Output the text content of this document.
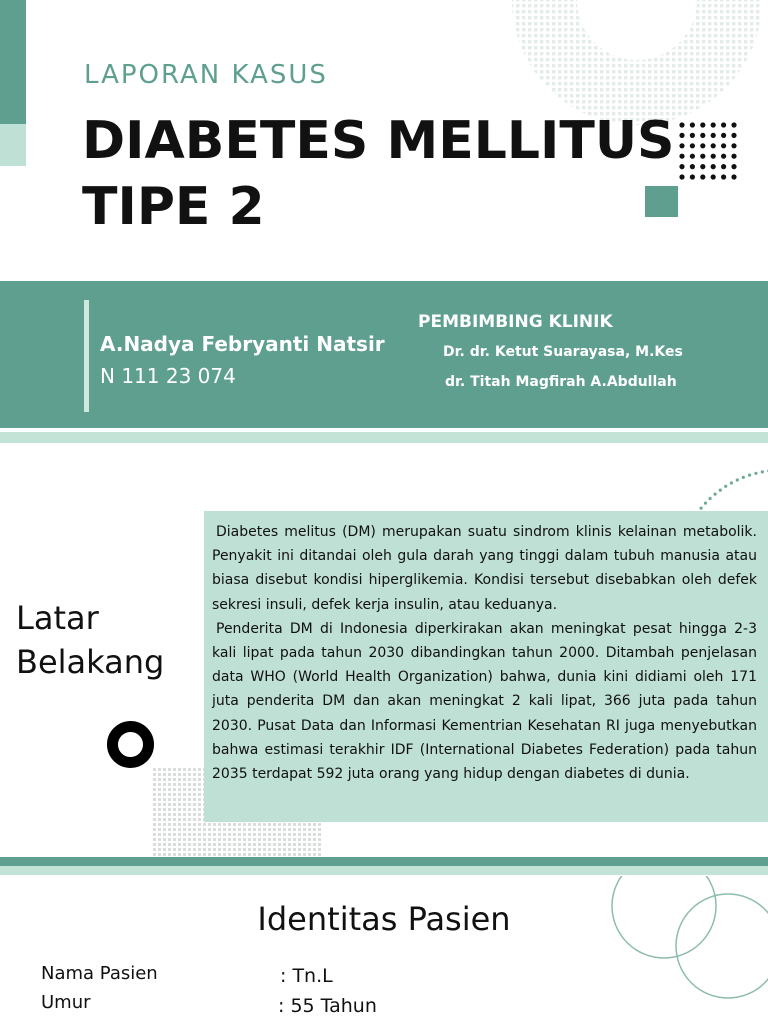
LAPORAN KASUS
DIABETES MELLITUS
TIPE 2
A.Nadya Febryanti Natsir
N 111 23 074
PEMBIMBING KLINIK
Dr. dr. Ketut Suarayasa, M.Kes
dr. Titah Magfirah A.Abdullah
Latar
Belakang

Diabetes melitus (DM) merupakan suatu sindrom klinis kelainan metabolik. Penyakit ini ditandai oleh gula darah yang tinggi dalam tubuh manusia atau biasa disebut kondisi hiperglikemia. Kondisi tersebut disebabkan oleh defek sekresi insuli, defek kerja insulin, atau keduanya.

Penderita DM di Indonesia diperkirakan akan meningkat pesat hingga 2-3 kali lipat pada tahun 2030 dibandingkan tahun 2000. Ditambah penjelasan data WHO (World Health Organization) bahwa, dunia kini didiami oleh 171 juta penderita DM dan akan meningkat 2 kali lipat, 366 juta pada tahun 2030. Pusat Data dan Informasi Kementrian Kesehatan RI juga menyebutkan bahwa estimasi terakhir IDF (International Diabetes Federation) pada tahun 2035 terdapat 592 juta orang yang hidup dengan diabetes di dunia.

Identitas Pasien
Nama Pasien	: Tn.L
Umur	: 55 Tahun
